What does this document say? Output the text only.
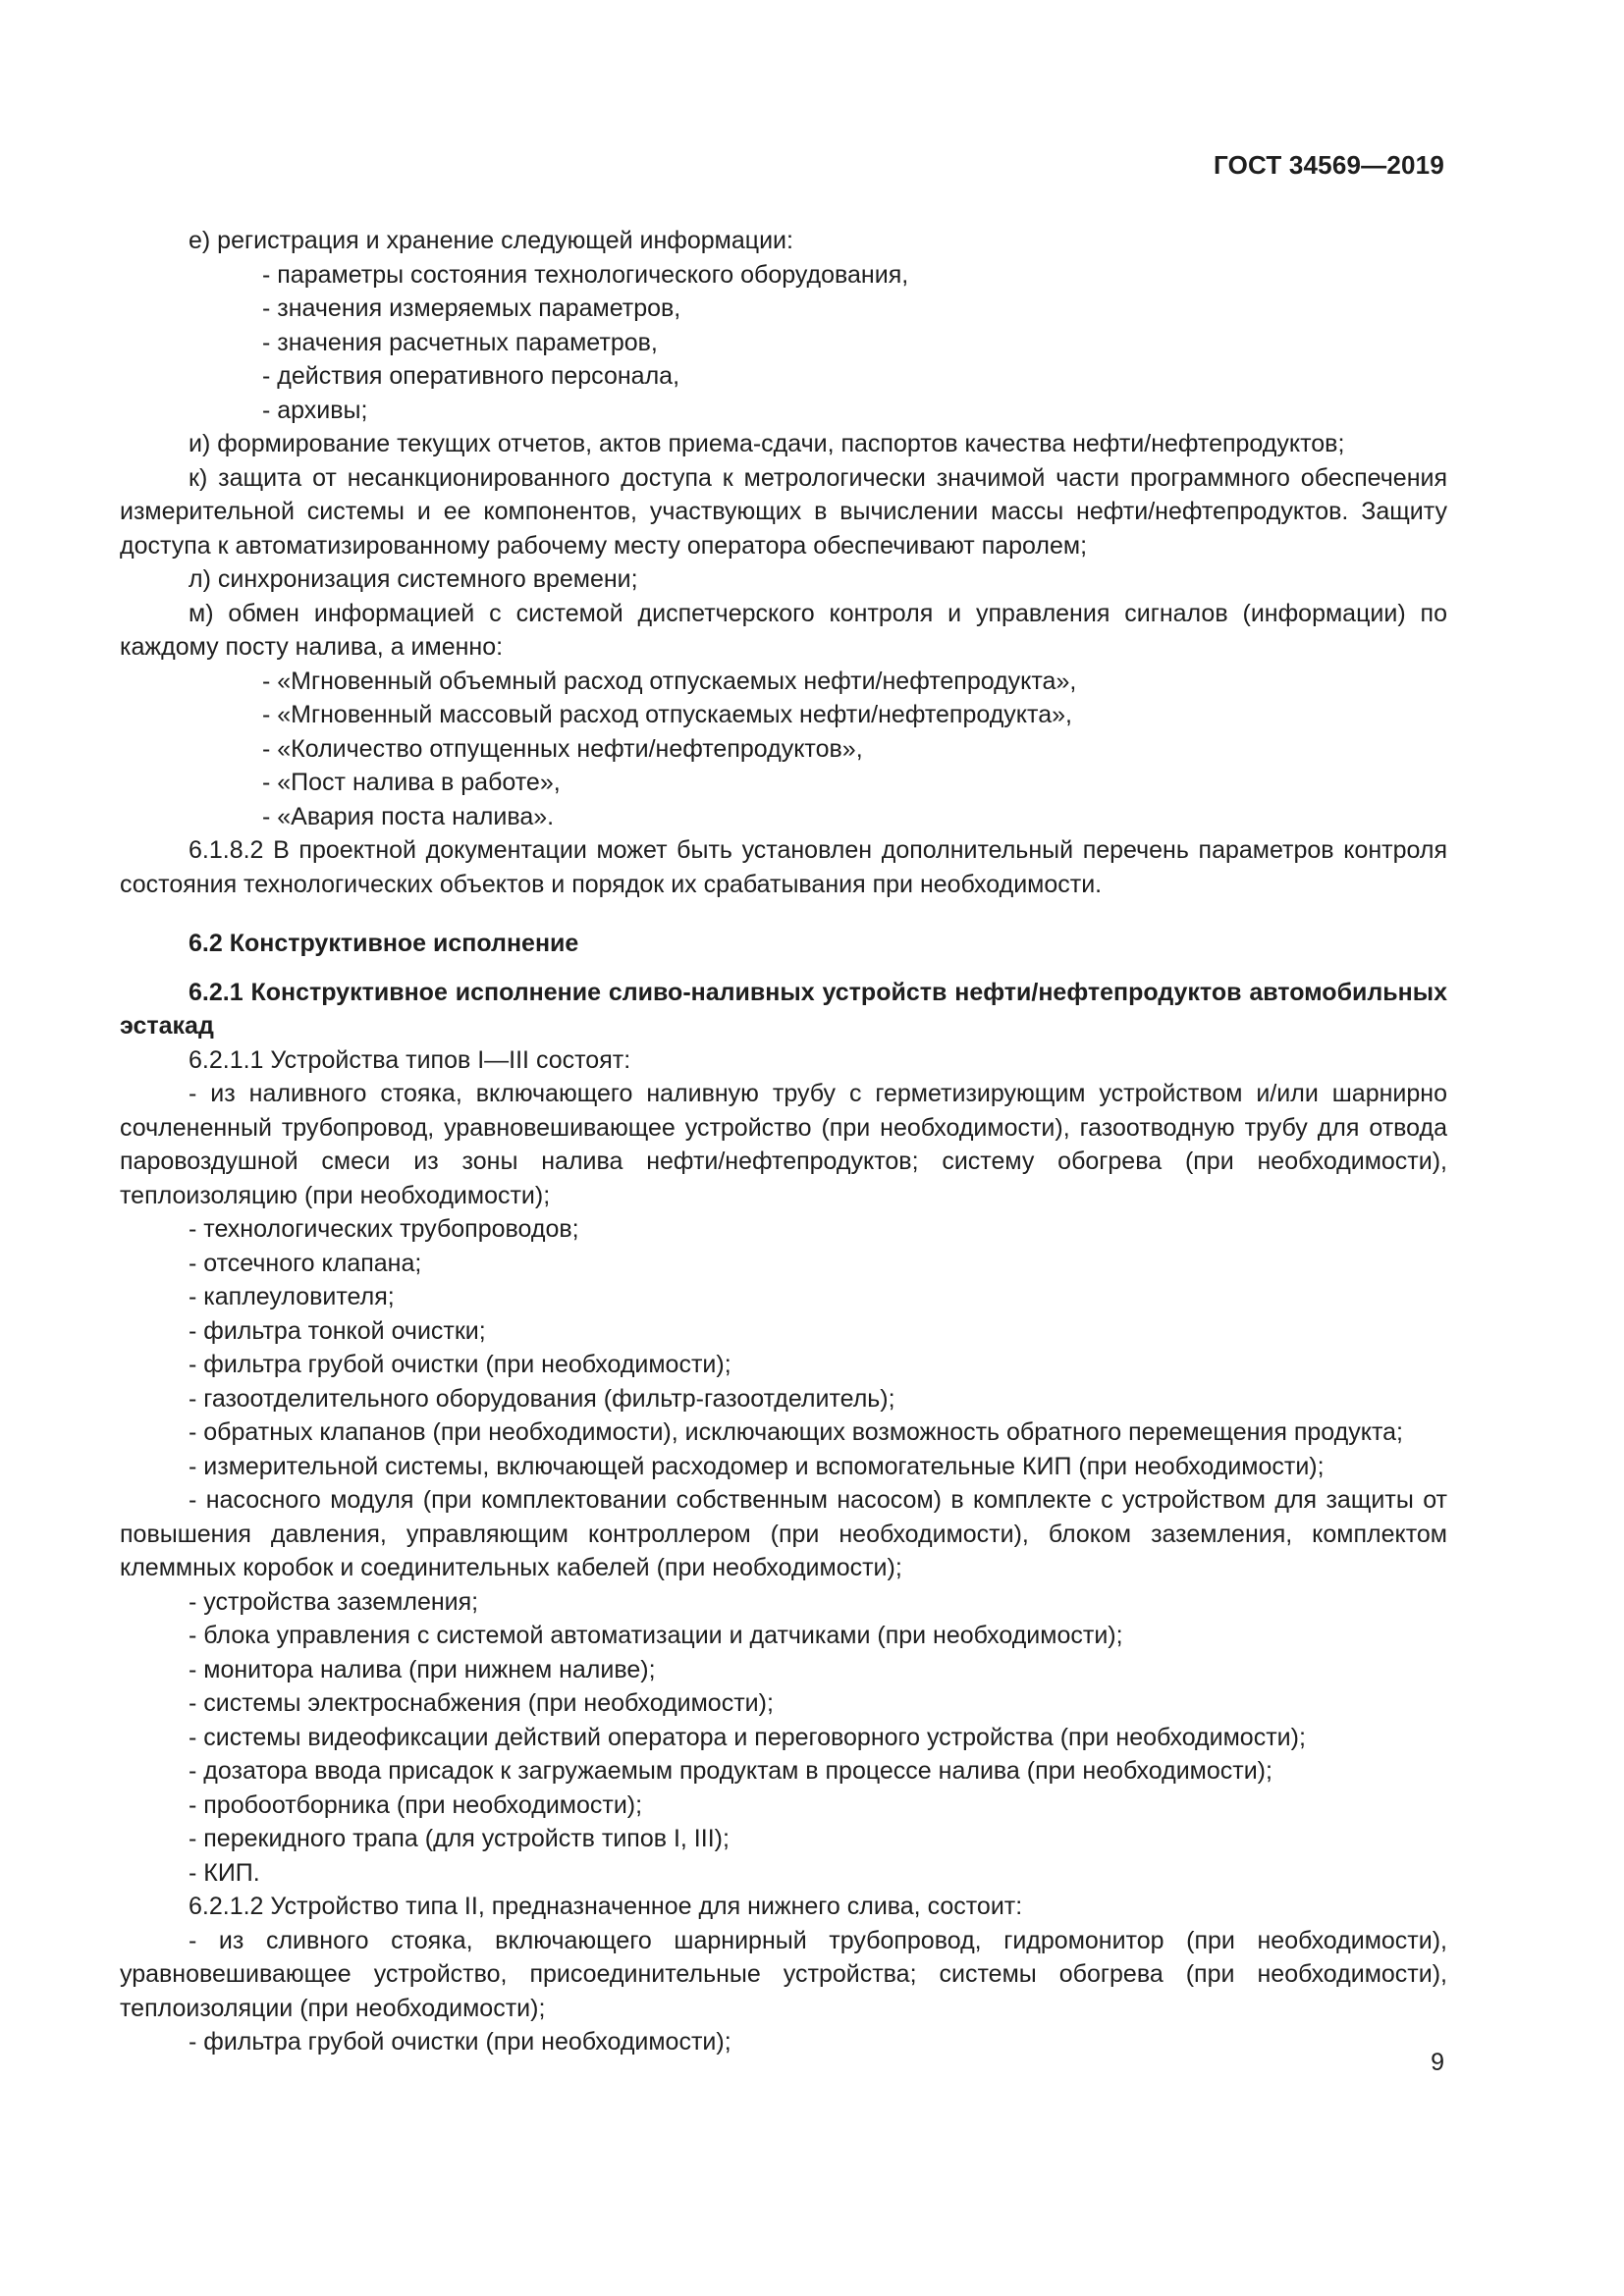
ГОСТ 34569—2019

е) регистрация и хранение следующей информации:

- параметры состояния технологического оборудования,

- значения измеряемых параметров,

- значения расчетных параметров,

- действия оперативного персонала,

- архивы;

и) формирование текущих отчетов, актов приема-сдачи, паспортов качества нефти/нефтепродуктов;

к) защита от несанкционированного доступа к метрологически значимой части программного обеспечения измерительной системы и ее компонентов, участвующих в вычислении массы нефти/нефтепродуктов. Защиту доступа к автоматизированному рабочему месту оператора обеспечивают паролем;

л) синхронизация системного времени;

м) обмен информацией с системой диспетчерского контроля и управления сигналов (информации) по каждому посту налива, а именно:

- «Мгновенный объемный расход отпускаемых нефти/нефтепродукта»,

- «Мгновенный массовый расход отпускаемых нефти/нефтепродукта»,

- «Количество отпущенных нефти/нефтепродуктов»,

- «Пост налива в работе»,

- «Авария поста налива».

6.1.8.2 В проектной документации может быть установлен дополнительный перечень параметров контроля состояния технологических объектов и порядок их срабатывания при необходимости.

6.2 Конструктивное исполнение

6.2.1 Конструктивное исполнение сливо-наливных устройств нефти/нефтепродуктов автомобильных эстакад

6.2.1.1 Устройства типов I—III состоят:

- из наливного стояка, включающего наливную трубу с герметизирующим устройством и/или шарнирно сочлененный трубопровод, уравновешивающее устройство (при необходимости), газоотводную трубу для отвода паровоздушной смеси из зоны налива нефти/нефтепродуктов; систему обогрева (при необходимости), теплоизоляцию (при необходимости);

- технологических трубопроводов;

- отсечного клапана;

- каплеуловителя;

- фильтра тонкой очистки;

- фильтра грубой очистки (при необходимости);

- газоотделительного оборудования (фильтр-газоотделитель);

- обратных клапанов (при необходимости), исключающих возможность обратного перемещения продукта;

- измерительной системы, включающей расходомер и вспомогательные КИП (при необходимости);

- насосного модуля (при комплектовании собственным насосом) в комплекте с устройством для защиты от повышения давления, управляющим контроллером (при необходимости), блоком заземления, комплектом клеммных коробок и соединительных кабелей (при необходимости);

- устройства заземления;

- блока управления с системой автоматизации и датчиками (при необходимости);

- монитора налива (при нижнем наливе);

- системы электроснабжения (при необходимости);

- системы видеофиксации действий оператора и переговорного устройства (при необходимости);

- дозатора ввода присадок к загружаемым продуктам в процессе налива (при необходимости);

- пробоотборника (при необходимости);

- перекидного трапа (для устройств типов I, III);

- КИП.

6.2.1.2 Устройство типа II, предназначенное для нижнего слива, состоит:

- из сливного стояка, включающего шарнирный трубопровод, гидромонитор (при необходимости), уравновешивающее устройство, присоединительные устройства; системы обогрева (при необходимости), теплоизоляции (при необходимости);

- фильтра грубой очистки (при необходимости);

9
